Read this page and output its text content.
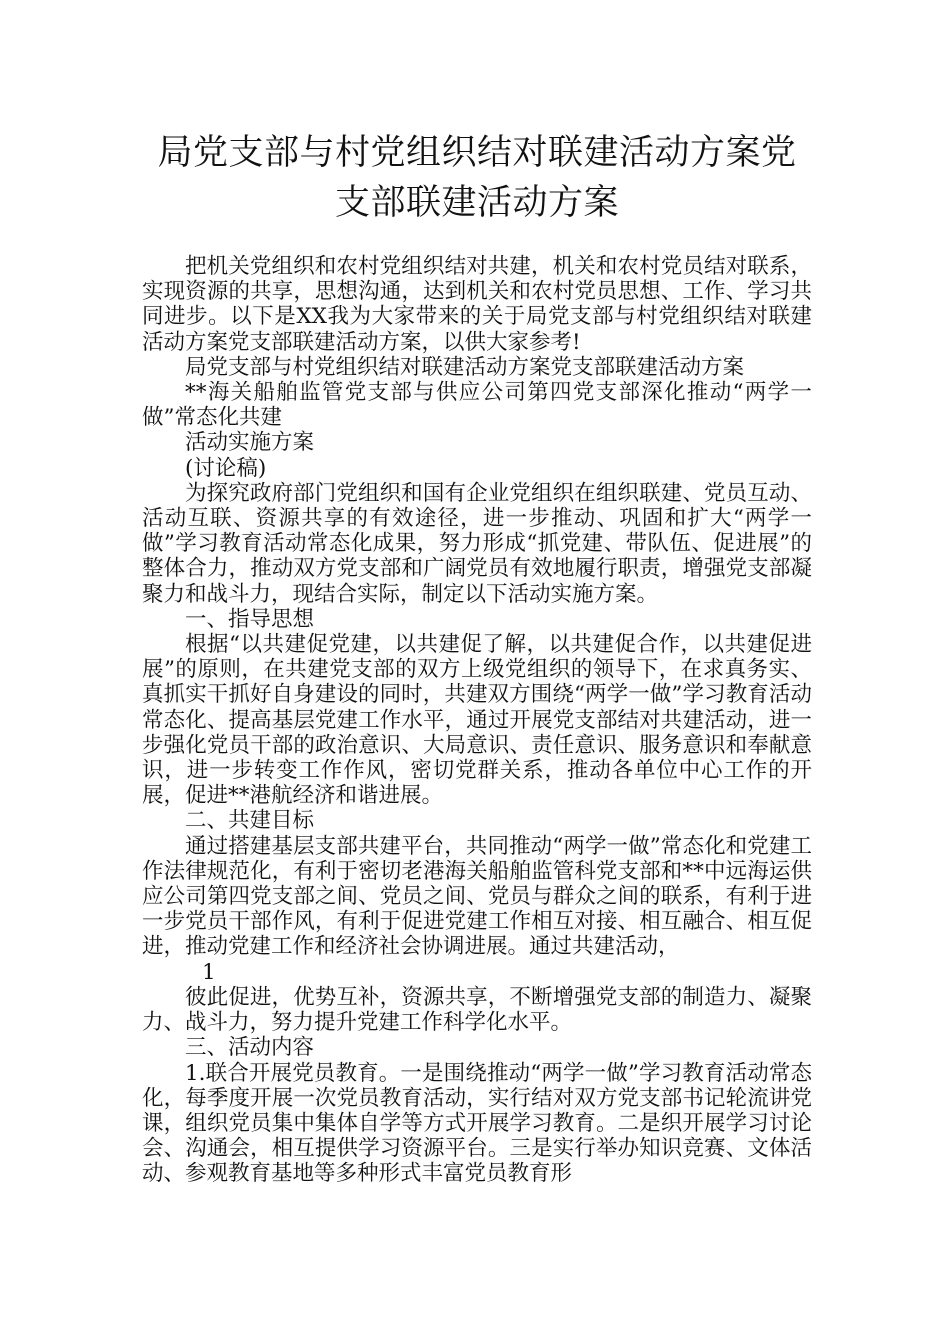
局党支部与村党组织结对联建活动方案党
支部联建活动方案

把机关党组织和农村党组织结对共建，机关和农村党员结对联系，实现资源的共享，思想沟通，达到机关和农村党员思想、工作、学习共同进步。以下是XX我为大家带来的关于局党支部与村党组织结对联建活动方案党支部联建活动方案，以供大家参考!

局党支部与村党组织结对联建活动方案党支部联建活动方案

**海关船舶监管党支部与供应公司第四党支部深化推动“两学一做”常态化共建

活动实施方案

(讨论稿)

为探究政府部门党组织和国有企业党组织在组织联建、党员互动、活动互联、资源共享的有效途径，进一步推动、巩固和扩大“两学一做”学习教育活动常态化成果，努力形成“抓党建、带队伍、促进展”的整体合力，推动双方党支部和广阔党员有效地履行职责，增强党支部凝聚力和战斗力，现结合实际，制定以下活动实施方案。

一、指导思想

根据“以共建促党建，以共建促了解，以共建促合作，以共建促进展”的原则，在共建党支部的双方上级党组织的领导下，在求真务实、真抓实干抓好自身建设的同时，共建双方围绕“两学一做”学习教育活动常态化、提高基层党建工作水平，通过开展党支部结对共建活动，进一步强化党员干部的政治意识、大局意识、责任意识、服务意识和奉献意识，进一步转变工作作风，密切党群关系，推动各单位中心工作的开展，促进**港航经济和谐进展。

二、共建目标

通过搭建基层支部共建平台，共同推动“两学一做”常态化和党建工作法律规范化，有利于密切老港海关船舶监管科党支部和**中远海运供应公司第四党支部之间、党员之间、党员与群众之间的联系，有利于进一步党员干部作风，有利于促进党建工作相互对接、相互融合、相互促进，推动党建工作和经济社会协调进展。通过共建活动，

1

彼此促进，优势互补，资源共享，不断增强党支部的制造力、凝聚力、战斗力，努力提升党建工作科学化水平。

三、活动内容

1.联合开展党员教育。一是围绕推动“两学一做”学习教育活动常态化，每季度开展一次党员教育活动，实行结对双方党支部书记轮流讲党课，组织党员集中集体自学等方式开展学习教育。二是织开展学习讨论会、沟通会，相互提供学习资源平台。三是实行举办知识竞赛、文体活动、参观教育基地等多种形式丰富党员教育形
